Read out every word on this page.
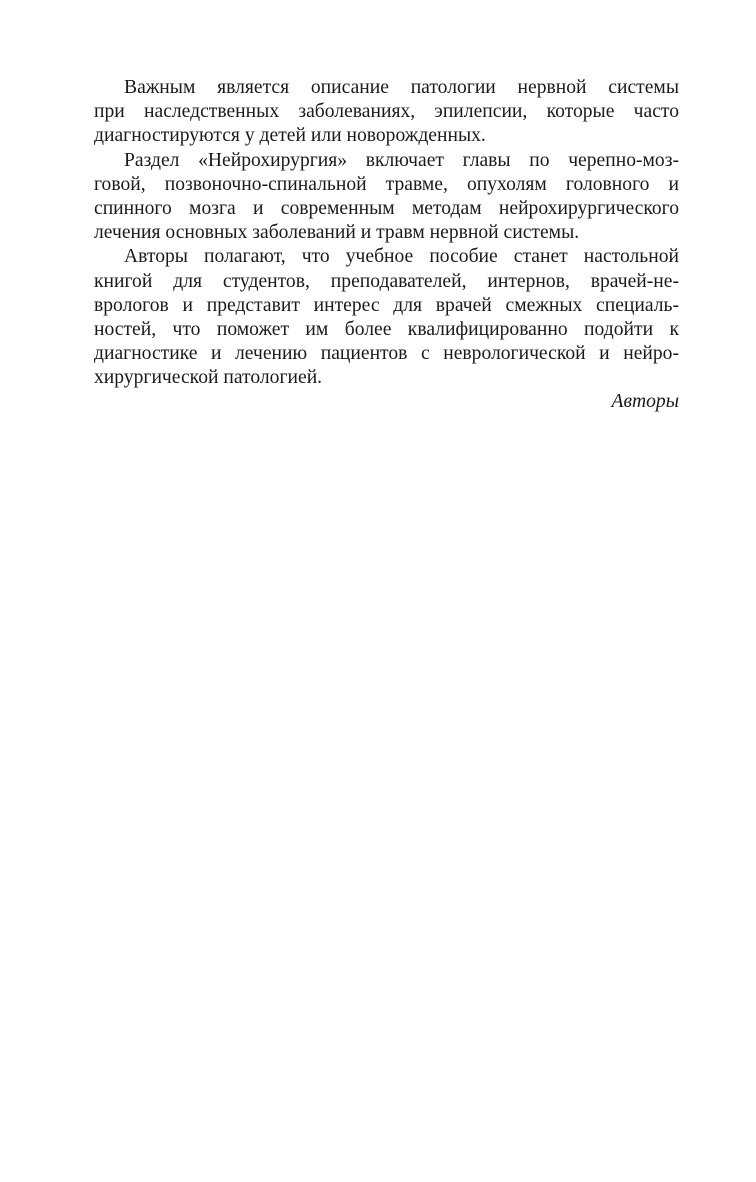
Важным является описание патологии нервной системы
при наследственных заболеваниях, эпилепсии, которые часто
диагностируются у детей или новорожденных.
Раздел «Нейрохирургия» включает главы по черепно-моз-
говой, позвоночно-спинальной травме, опухолям головного и
спинного мозга и современным методам нейрохирургического
лечения основных заболеваний и травм нервной системы.
Авторы полагают, что учебное пособие станет настольной
книгой для студентов, преподавателей, интернов, врачей-не-
врологов и представит интерес для врачей смежных специаль-
ностей, что поможет им более квалифицированно подойти к
диагностике и лечению пациентов с неврологической и нейро-
хирургической патологией.
Авторы
